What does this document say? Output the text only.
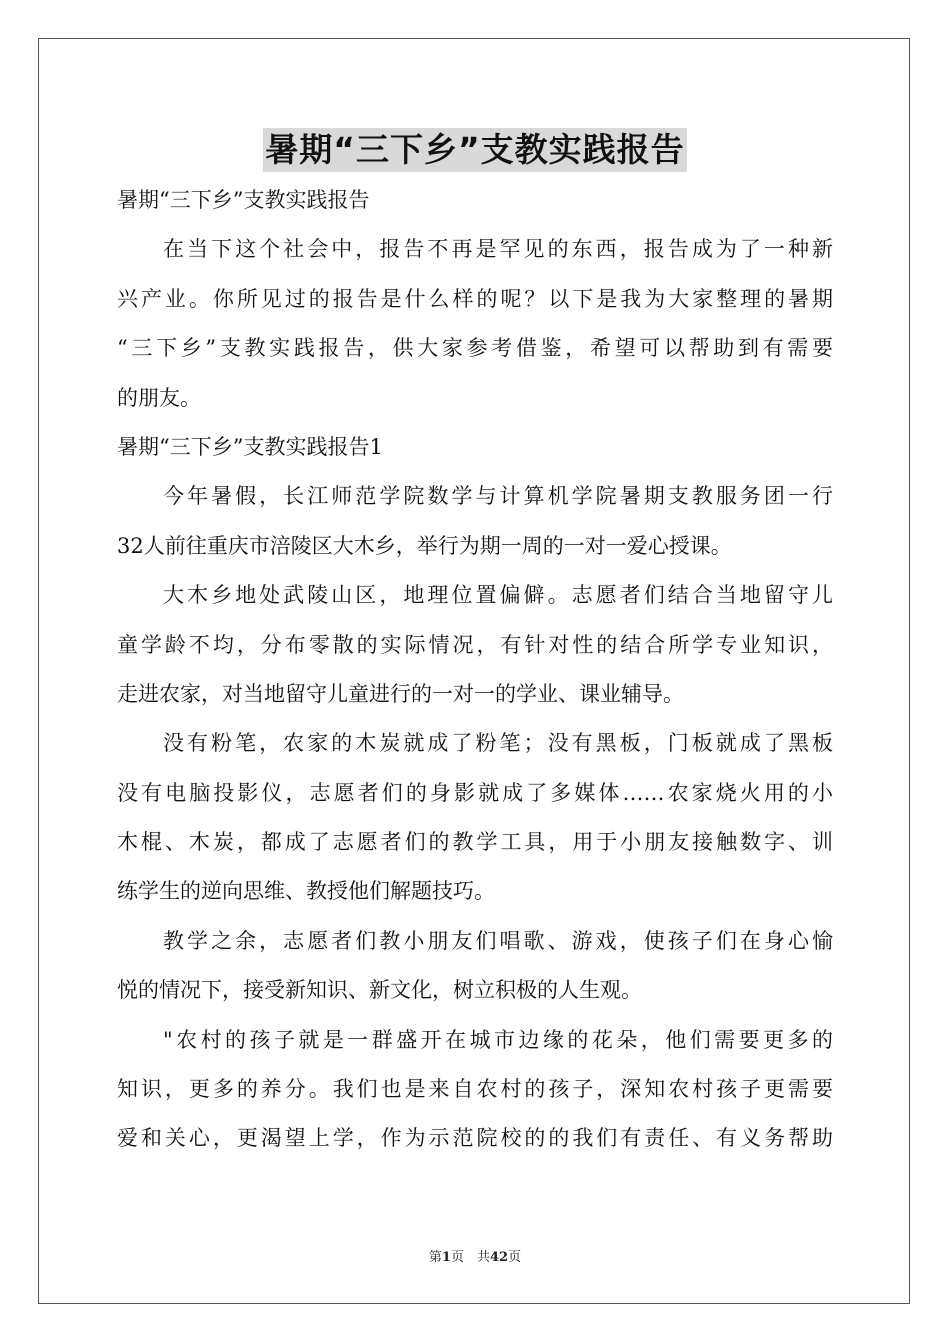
暑期“三下乡”支教实践报告
暑期“三下乡”支教实践报告
在当下这个社会中，报告不再是罕见的东西，报告成为了一种新
兴产业。你所见过的报告是什么样的呢？以下是我为大家整理的暑期
“三下乡”支教实践报告，供大家参考借鉴，希望可以帮助到有需要
的朋友。
暑期“三下乡”支教实践报告1
今年暑假，长江师范学院数学与计算机学院暑期支教服务团一行
32人前往重庆市涪陵区大木乡，举行为期一周的一对一爱心授课。
大木乡地处武陵山区，地理位置偏僻。志愿者们结合当地留守儿
童学龄不均，分布零散的实际情况，有针对性的结合所学专业知识，
走进农家，对当地留守儿童进行的一对一的学业、课业辅导。
没有粉笔，农家的木炭就成了粉笔；没有黑板，门板就成了黑板
没有电脑投影仪，志愿者们的身影就成了多媒体……农家烧火用的小
木棍、木炭，都成了志愿者们的教学工具，用于小朋友接触数字、训
练学生的逆向思维、教授他们解题技巧。
教学之余，志愿者们教小朋友们唱歌、游戏，使孩子们在身心愉
悦的情况下，接受新知识、新文化，树立积极的人生观。
"农村的孩子就是一群盛开在城市边缘的花朵，他们需要更多的
知识，更多的养分。我们也是来自农村的孩子，深知农村孩子更需要
爱和关心，更渴望上学，作为示范院校的的我们有责任、有义务帮助
第1页　共42页
